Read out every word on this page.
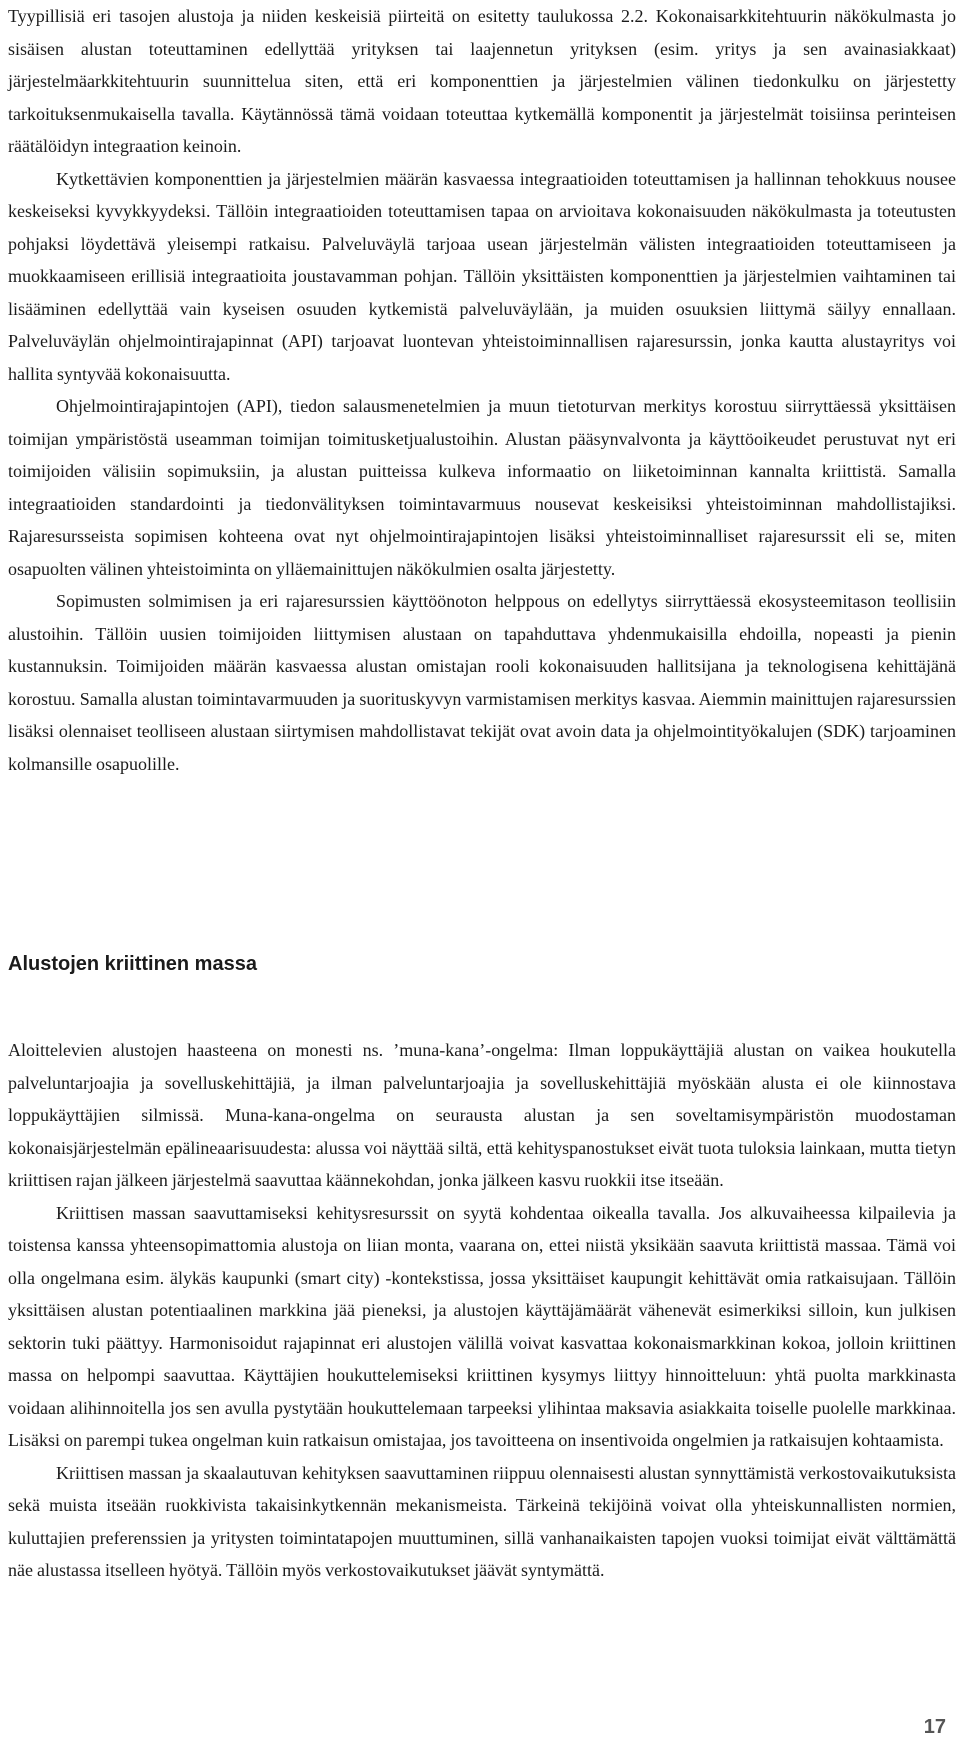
Tyypillisiä eri tasojen alustoja ja niiden keskeisiä piirteitä on esitetty taulukossa 2.2. Kokonaisarkkitehtuurin näkökulmasta jo sisäisen alustan toteuttaminen edellyttää yrityksen tai laajennetun yrityksen (esim. yritys ja sen avainasiakkaat) järjestelmäarkkitehtuurin suunnittelua siten, että eri komponenttien ja järjestelmien välinen tiedonkulku on järjestetty tarkoituksenmukaisella tavalla. Käytännössä tämä voidaan toteuttaa kytkemällä komponentit ja järjestelmät toisiinsa perinteisen räätälöidyn integraation keinoin.

Kytkettävien komponenttien ja järjestelmien määrän kasvaessa integraatioiden toteuttamisen ja hallinnan tehokkuus nousee keskeiseksi kyvykkyydeksi. Tällöin integraatioiden toteuttamisen tapaa on arvioitava kokonaisuuden näkökulmasta ja toteutusten pohjaksi löydettävä yleisempi ratkaisu. Palveluväylä tarjoaa usean järjestelmän välisten integraatioiden toteuttamiseen ja muokkaamiseen erillisiä integraatioita joustavamman pohjan. Tällöin yksittäisten komponenttien ja järjestelmien vaihtaminen tai lisääminen edellyttää vain kyseisen osuuden kytkemistä palveluväylään, ja muiden osuuksien liittymä säilyy ennallaan. Palveluväylän ohjelmointirajapinnat (API) tarjoavat luontevan yhteistoiminnallisen rajaresurssin, jonka kautta alustayritys voi hallita syntyvää kokonaisuutta.

Ohjelmointirajapintojen (API), tiedon salausmenetelmien ja muun tietoturvan merkitys korostuu siirryttäessä yksittäisen toimijan ympäristöstä useamman toimijan toimitusketjualustoihin. Alustan pääsynvalvonta ja käyttöoikeudet perustuvat nyt eri toimijoiden välisiin sopimuksiin, ja alustan puitteissa kulkeva informaatio on liiketoiminnan kannalta kriittistä. Samalla integraatioiden standardointi ja tiedonvälityksen toimintavarmuus nousevat keskeisiksi yhteistoiminnan mahdollistajiksi. Rajaresursseista sopimisen kohteena ovat nyt ohjelmointirajapintojen lisäksi yhteistoiminnalliset rajaresurssit eli se, miten osapuolten välinen yhteistoiminta on ylläemainittujen näkökulmien osalta järjestetty.

Sopimusten solmimisen ja eri rajaresurssien käyttöönoton helppous on edellytys siirryttäessä ekosysteemitason teollisiin alustoihin. Tällöin uusien toimijoiden liittymisen alustaan on tapahduttava yhdenmukaisilla ehdoilla, nopeasti ja pienin kustannuksin. Toimijoiden määrän kasvaessa alustan omistajan rooli kokonaisuuden hallitsijana ja teknologisena kehittäjänä korostuu. Samalla alustan toimintavarmuuden ja suorituskyvyn varmistamisen merkitys kasvaa. Aiemmin mainittujen rajaresurssien lisäksi olennaiset teolliseen alustaan siirtymisen mahdollistavat tekijät ovat avoin data ja ohjelmointityökalujen (SDK) tarjoaminen kolmansille osapuolille.

Alustojen kriittinen massa

Aloittelevien alustojen haasteena on monesti ns. ’muna-kana’-ongelma: Ilman loppukäyttäjiä alustan on vaikea houkutella palveluntarjoajia ja sovelluskehittäjiä, ja ilman palveluntarjoajia ja sovelluskehittäjiä myöskään alusta ei ole kiinnostava loppukäyttäjien silmissä. Muna-kana-ongelma on seurausta alustan ja sen soveltamisympäristön muodostaman kokonaisjärjestelmän epälineaarisuudesta: alussa voi näyttää siltä, että kehityspanostukset eivät tuota tuloksia lainkaan, mutta tietyn kriittisen rajan jälkeen järjestelmä saavuttaa käännekohdan, jonka jälkeen kasvu ruokkii itse itseään.

Kriittisen massan saavuttamiseksi kehitysresurssit on syytä kohdentaa oikealla tavalla. Jos alkuvaiheessa kilpailevia ja toistensa kanssa yhteensopimattomia alustoja on liian monta, vaarana on, ettei niistä yksikään saavuta kriittistä massaa. Tämä voi olla ongelmana esim. älykäs kaupunki (smart city) -kontekstissa, jossa yksittäiset kaupungit kehittävät omia ratkaisujaan. Tällöin yksittäisen alustan potentiaalinen markkina jää pieneksi, ja alustojen käyttäjämäärät vähenevät esimerkiksi silloin, kun julkisen sektorin tuki päättyy. Harmonisoidut rajapinnat eri alustojen välillä voivat kasvattaa kokonaismarkkinan kokoa, jolloin kriittinen massa on helpompi saavuttaa. Käyttäjien houkuttelemiseksi kriittinen kysymys liittyy hinnoitteluun: yhtä puolta markkinasta voidaan alihinnoitella jos sen avulla pystytään houkuttelemaan tarpeeksi ylihintaa maksavia asiakkaita toiselle puolelle markkinaa. Lisäksi on parempi tukea ongelman kuin ratkaisun omistajaa, jos tavoitteena on insentivoida ongelmien ja ratkaisujen kohtaamista.

Kriittisen massan ja skaalautuvan kehityksen saavuttaminen riippuu olennaisesti alustan synnyttämistä verkostovaikutuksista sekä muista itseään ruokkivista takaisinkytkennän mekanismeista. Tärkeinä tekijöinä voivat olla yhteiskunnallisten normien, kuluttajien preferenssien ja yritysten toimintatapojen muuttuminen, sillä vanhanaikaisten tapojen vuoksi toimijat eivät välttämättä näe alustassa itselleen hyötyä. Tällöin myös verkostovaikutukset jäävät syntymättä.

17
